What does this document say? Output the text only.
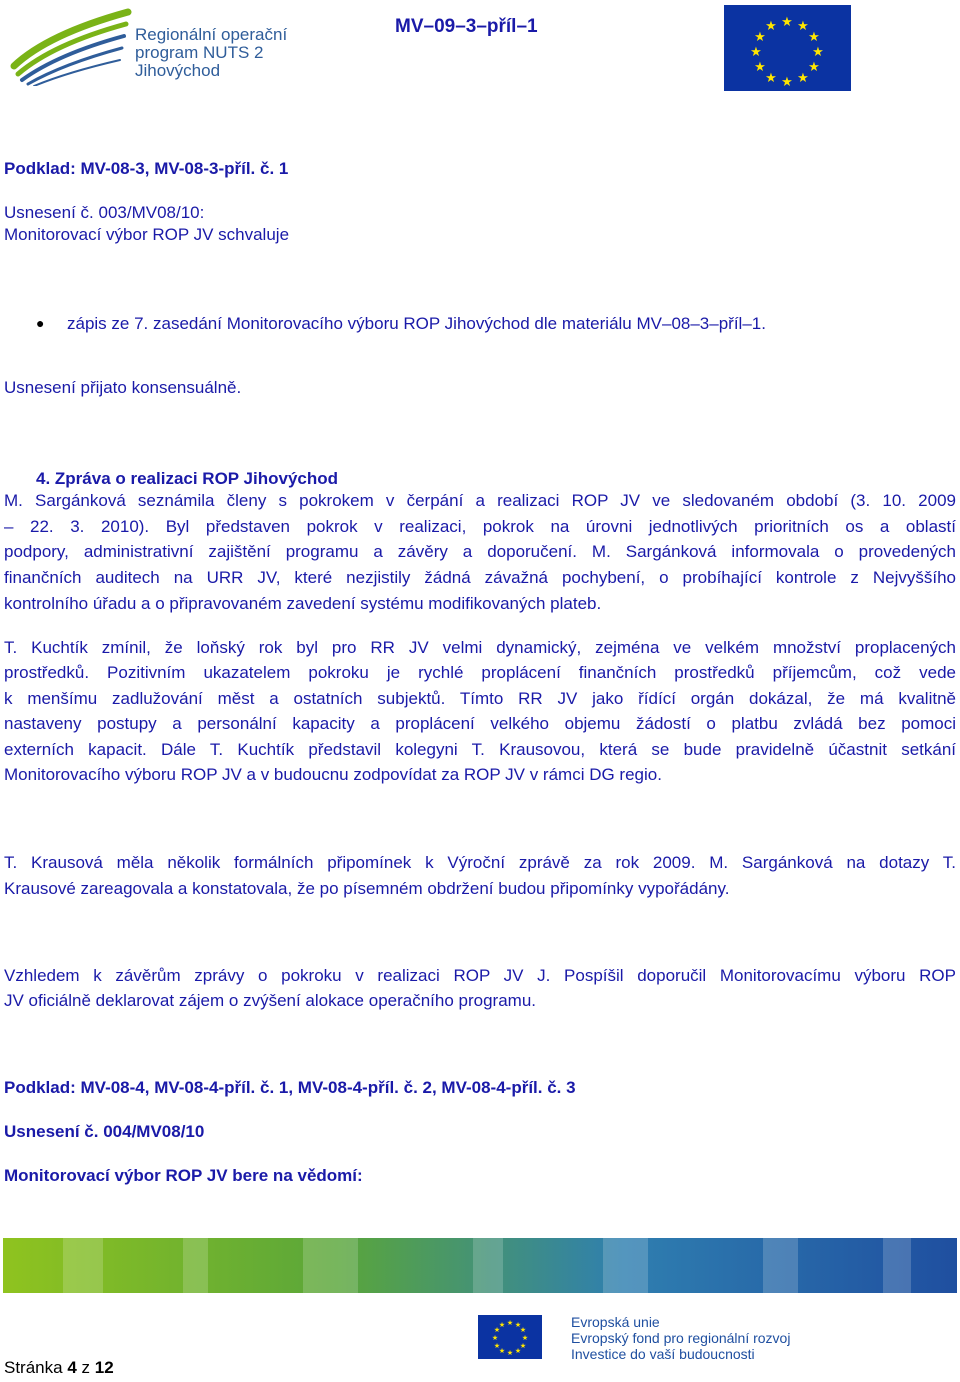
Regionální operační
program NUTS 2
Jihovýchod
MV–09–3–příl–1	★ ★
★
★
★
★
★
★
★
★
★
★
Podklad: MV-08-3, MV-08-3-příl. č. 1
Usnesení č. 003/MV08/10:
Monitorovací výbor ROP JV schvaluje
● zápis ze 7. zasedání Monitorovacího výboru ROP Jihovýchod dle materiálu MV–08–3–příl–1.
Usnesení přijato konsensuálně.
4. Zpráva o realizaci ROP Jihovýchod
M. Sargánková seznámila členy s pokrokem v čerpání a realizaci ROP JV ve sledovaném období (3. 10. 2009
– 22. 3. 2010). Byl představen pokrok v realizaci, pokrok na úrovni jednotlivých prioritních os a oblastí
podpory, administrativní zajištění programu a závěry a doporučení. M. Sargánková informovala o provedených
finančních auditech na URR JV, které nezjistily žádná závažná pochybení, o probíhající kontrole z Nejvyššího
kontrolního úřadu a o připravovaném zavedení systému modifikovaných plateb.
T. Kuchtík zmínil, že loňský rok byl pro RR JV velmi dynamický, zejména ve velkém množství proplacených
prostředků. Pozitivním ukazatelem pokroku je rychlé proplácení finančních prostředků příjemcům, což vede
k menšímu zadlužování měst a ostatních subjektů. Tímto RR JV jako řídící orgán dokázal, že má kvalitně
nastaveny postupy a personální kapacity a proplácení velkého objemu žádostí o platbu zvládá bez pomoci
externích kapacit. Dále T. Kuchtík představil kolegyni T. Krausovou, která se bude pravidelně účastnit setkání
Monitorovacího výboru ROP JV a v budoucnu zodpovídat za ROP JV v rámci DG regio.
T. Krausová měla několik formálních připomínek k Výroční zprávě za rok 2009. M. Sargánková na dotazy T.
Krausové zareagovala a konstatovala, že po písemném obdržení budou připomínky vypořádány.
Vzhledem k závěrům zprávy o pokroku v realizaci ROP JV J. Pospíšil doporučil Monitorovacímu výboru ROP
JV oficiálně deklarovat zájem o zvýšení alokace operačního programu.
Podklad: MV-08-4, MV-08-4-příl. č. 1, MV-08-4-příl. č. 2, MV-08-4-příl. č. 3
Usnesení č. 004/MV08/10
Monitorovací výbor ROP JV bere na vědomí:
★ ★
★
★
★
★
★
★
★
★
★
★	Evropská unie
Evropský fond pro regionální rozvoj
Investice do vaší budoucnosti
Stránka 4 z 12
